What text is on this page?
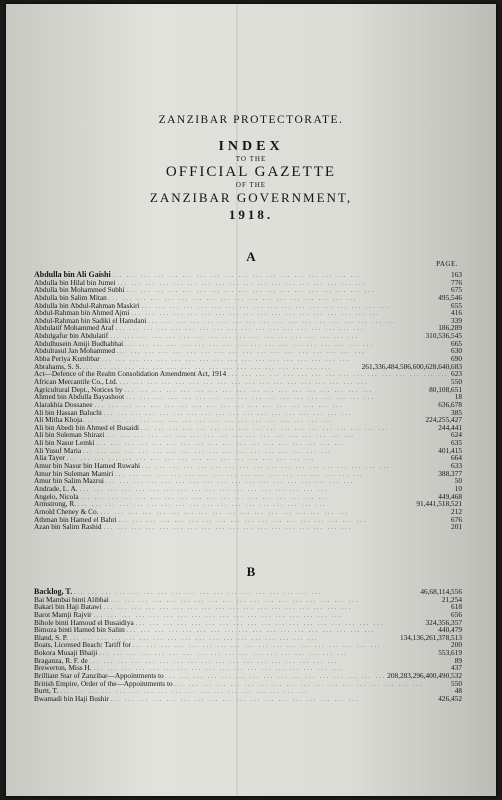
ZANZIBAR PROTECTORATE.
INDEX
TO THE
OFFICIAL GAZETTE
OF THE
ZANZIBAR GOVERNMENT,
1918.
A	PAGE.
Abdulla bin Ali Gaishi ...	163
Abdulla bin Hilal bin Jumei ...	776
Abdulla bin Mohammed Subhi ...	675
Abdulla bin Salim Mitan ...	495,546
Abdulla bin Abdul-Rahman Maskiri ...	655
Abdul-Rahman bin Ahmed Ajmi ...	416
Abdul-Rahman bin Sadiki el Hamdani ...	339
Abdulatif Mohammed Araf ...	186,289
Abdulgafur bin Abdulatif ...	310,536,545
Abdulhusein Amiji Budhabhai ...	665
Abdulrasul Jan Mohammed ...	630
Abba Periya Kumbbar ...	690
Abrahams, S. S. ...	261,336,484,586,600,628,640,683
Act—Defence of the Realm Consolidation Amendment Act, 1914 ...	623
African Mercantile Co., Ltd. ...	550
Agricultural Dept., Notices by ...	80,108,651
Ahmed bin Abdulla Bayashoot ...	18
Alarakhia Dossanee ...	636,678
Ali bin Hassan Baluchi ...	385
Ali Mitha Khoja ...	224,255,427
Ali bin Abedi bin Ahmed el Busaidi ...	244,441
Ali bin Suleman Shirazi ...	624
Ali bin Nasur Lemki ...	635
Ali Yusuf Maria ...	401,415
Alia Tayer ...	664
Amur bin Nasur bin Hamed Ruwahi ...	633
Amur bin Suleman Mamiri ...	388,377
Amur bin Salim Mazrui ...	50
Andrade, L. A. ...	10
Angelo, Nicola ...	449,468
Armstrong, R. ...	91,441,518,521
Arnold Cheney & Co. ...	212
Athman bin Hamed el Bahri ...	676
Azan bin Salim Rashid ...	201
B
Backlog, T. ...	46,68,114,556
Bai Mambai binti Alibhai ...	21,254
Bakari bin Haji Batawi ...	618
Barot Mamji Rajvir ...	656
Bihole binti Hamoud el Busaidiya ...	324,356,357
Bimoza binti Hamed bin Salim ...	440,479
Bland, S. P. ...	134,136,261,378,513
Boats, Licensed Beach: Tariff for ...	200
Bokora Musaji Bhaiji ...	553,619
Braganza, R. F. de ...	89
Brewerton, Miss H. ...	437
Brilliant Star of Zanzibar—Appointments to ...	208,283,296,400,490,532
British Empire, Order of the—Appointments to ...	550
Burtt, T. ...	48
Bwamadi bin Haji Bushir ...	426,452
